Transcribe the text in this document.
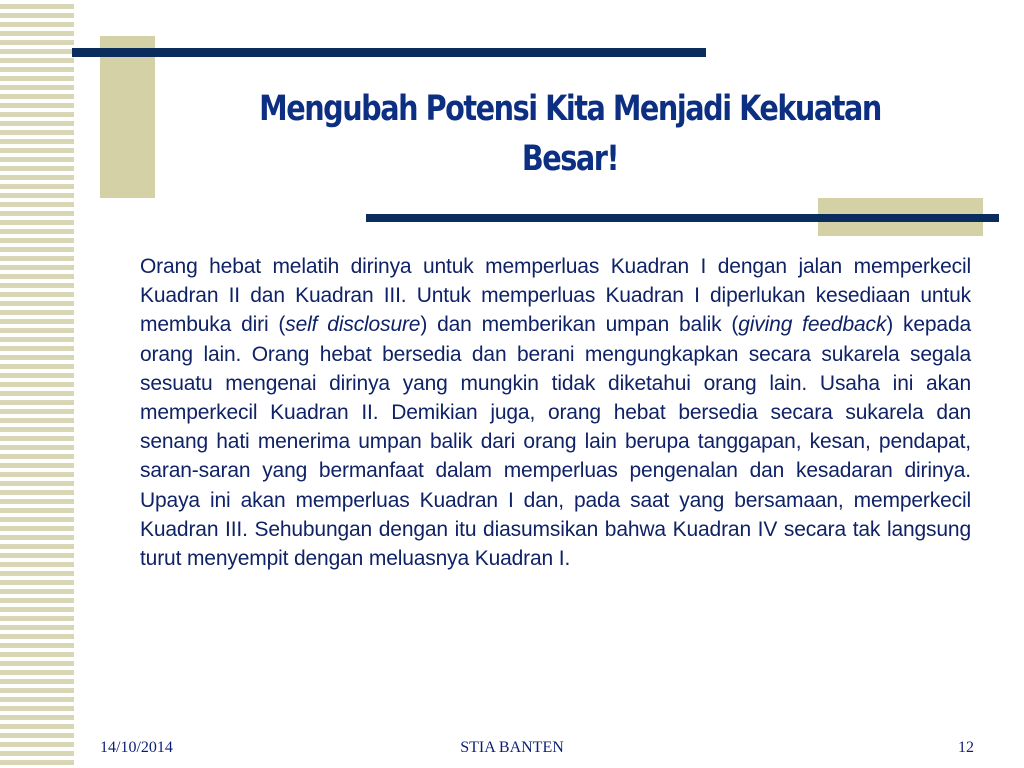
Mengubah Potensi Kita Menjadi Kekuatan Besar!

Orang hebat melatih dirinya untuk memperluas Kuadran I dengan jalan memperkecil Kuadran II dan Kuadran III. Untuk memperluas Kuadran I diperlukan kesediaan untuk membuka diri (self disclosure) dan memberikan umpan balik (giving feedback) kepada orang lain. Orang hebat bersedia dan berani mengungkapkan secara sukarela segala sesuatu mengenai dirinya yang mungkin tidak diketahui orang lain. Usaha ini akan memperkecil Kuadran II. Demikian juga, orang hebat bersedia secara sukarela dan senang hati menerima umpan balik dari orang lain berupa tanggapan, kesan, pendapat, saran-saran yang bermanfaat dalam memperluas pengenalan dan kesadaran dirinya. Upaya ini akan memperluas Kuadran I dan, pada saat yang bersamaan, memperkecil Kuadran III. Sehubungan dengan itu diasumsikan bahwa Kuadran IV secara tak langsung turut menyempit dengan meluasnya Kuadran I.

14/10/2014	STIA BANTEN	12
